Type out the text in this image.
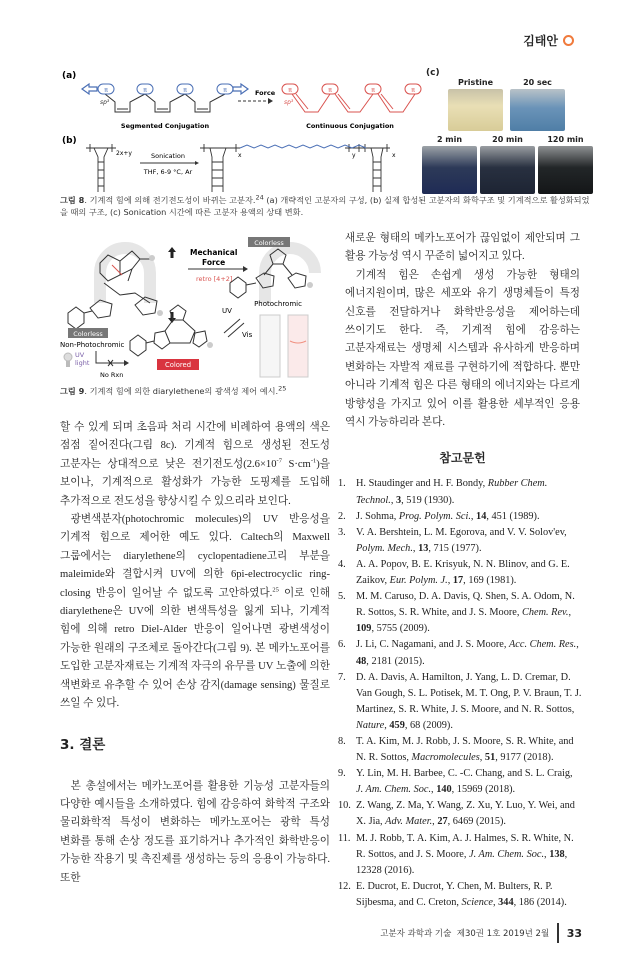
김태안
(a)
π	π	π	π
sp³
Segmented Conjugation
Force π	π	π	π
sp³
Continuous Conjugation
(b)
2x+y	Sonication
THF, 6-9 °C, Ar
x	y	x
(c)
Pristine	20 sec
2 min	20 min	120 min
그림 8. 기계적 힘에 의해 전기전도성이 바뀌는 고분자.$^{24}$ (a) 개략적인 고분자의 구성, (b) 실제 합성된 고분자의 화학구조 및 기계적으로 활성화되었을 때의 구조, (c) Sonication 시간에 따른 고분자 용액의 상태 변화.
Mechanical
Force
retro [4+2]
Colorless
Photochromic
Colorless
Non-Photochromic
UV
Vis
Colored
UV
light
No Rxn
그림 9. 기계적 힘에 의한 diarylethene의 광색성 제어 예시.$^{25}$

할 수 있게 되며 초음파 처리 시간에 비례하여 용액의 색은 점점 짙어진다(그림 8c). 기계적 힘으로 생성된 전도성 고분자는 상대적으로 낮은 전기전도성($2.6\times 10^{-7}$ $S\cdot cm^{-1}$)을 보이나, 기계적으로 활성화가 가능한 도핑제를 도입해 추가적으로 전도성을 향상시킬 수 있으리라 보인다.

광변색분자(photochromic molecules)의 UV 반응성을 기계적 힘으로 제어한 예도 있다. Caltech의 Maxwell 그룹에서는 diarylethene의 cyclopentadiene고리 부분을 maleimide와 결합시켜 UV에 의한 6pi-electrocyclic ring-closing 반응이 일어날 수 없도록 고안하였다.$^{25}$ 이로 인해 diarylethene은 UV에 의한 변색특성을 잃게 되나, 기계적 힘에 의해 retro Diel-Alder 반응이 일어나면 광변색성이 가능한 원래의 구조체로 돌아간다(그림 9). 본 메카노포어를 도입한 고분자재료는 기계적 자극의 유무를 UV 노출에 의한 색변화로 유추할 수 있어 손상 감지(damage sensing) 물질로 쓰일 수 있다.

3. 결론

본 총설에서는 메카노포어를 활용한 기능성 고분자들의 다양한 예시들을 소개하였다. 힘에 감응하여 화학적 구조와 물리화학적 특성이 변화하는 메카노포어는 광학 특성 변화를 통해 손상 정도를 표기하거나 추가적인 화학반응이 가능한 작용기 및 촉진제를 생성하는 등의 응용이 가능하다. 또한

새로운 형태의 메카노포어가 끊임없이 제안되며 그 활용 가능성 역시 꾸준히 넓어지고 있다.

기계적 힘은 손쉽게 생성 가능한 형태의 에너지원이며, 많은 세포와 유기 생명체들이 특정 신호를 전달하거나 화학반응성을 제어하는데 쓰이기도 한다. 즉, 기계적 힘에 감응하는 고분자재료는 생명체 시스템과 유사하게 반응하며 변화하는 자발적 재료를 구현하기에 적합하다. 뿐만 아니라 기계적 힘은 다른 형태의 에너지와는 다르게 방향성을 가지고 있어 이를 활용한 세부적인 응용 역시 가능하리라 본다.

참고문헌
1. H. Staudinger and H. F. Bondy, Rubber Chem. Technol., 3, 519 (1930).
2. J. Sohma, Prog. Polym. Sci., 14, 451 (1989).
3. V. A. Bershtein, L. M. Egorova, and V. V. Solov'ev, Polym. Mech., 13, 715 (1977).
4. A. A. Popov, B. E. Krisyuk, N. N. Blinov, and G. E. Zaikov, Eur. Polym. J., 17, 169 (1981).
5. M. M. Caruso, D. A. Davis, Q. Shen, S. A. Odom, N. R. Sottos, S. R. White, and J. S. Moore, Chem. Rev., 109, 5755 (2009).
6. J. Li, C. Nagamani, and J. S. Moore, Acc. Chem. Res., 48, 2181 (2015).
7. D. A. Davis, A. Hamilton, J. Yang, L. D. Cremar, D. Van Gough, S. L. Potisek, M. T. Ong, P. V. Braun, T. J. Martinez, S. R. White, J. S. Moore, and N. R. Sottos, Nature, 459, 68 (2009).
8. T. A. Kim, M. J. Robb, J. S. Moore, S. R. White, and N. R. Sottos, Macromolecules, 51, 9177 (2018).
9. Y. Lin, M. H. Barbee, C. -C. Chang, and S. L. Craig, J. Am. Chem. Soc., 140, 15969 (2018).
10. Z. Wang, Z. Ma, Y. Wang, Z. Xu, Y. Luo, Y. Wei, and X. Jia, Adv. Mater., 27, 6469 (2015).
11. M. J. Robb, T. A. Kim, A. J. Halmes, S. R. White, N. R. Sottos, and J. S. Moore, J. Am. Chem. Soc., 138, 12328 (2016).
12. E. Ducrot, E. Ducrot, Y. Chen, M. Bulters, R. P. Sijbesma, and C. Creton, Science, 344, 186 (2014).
고분자 과학과 기술
제30권 1호 2019년 2월 33
